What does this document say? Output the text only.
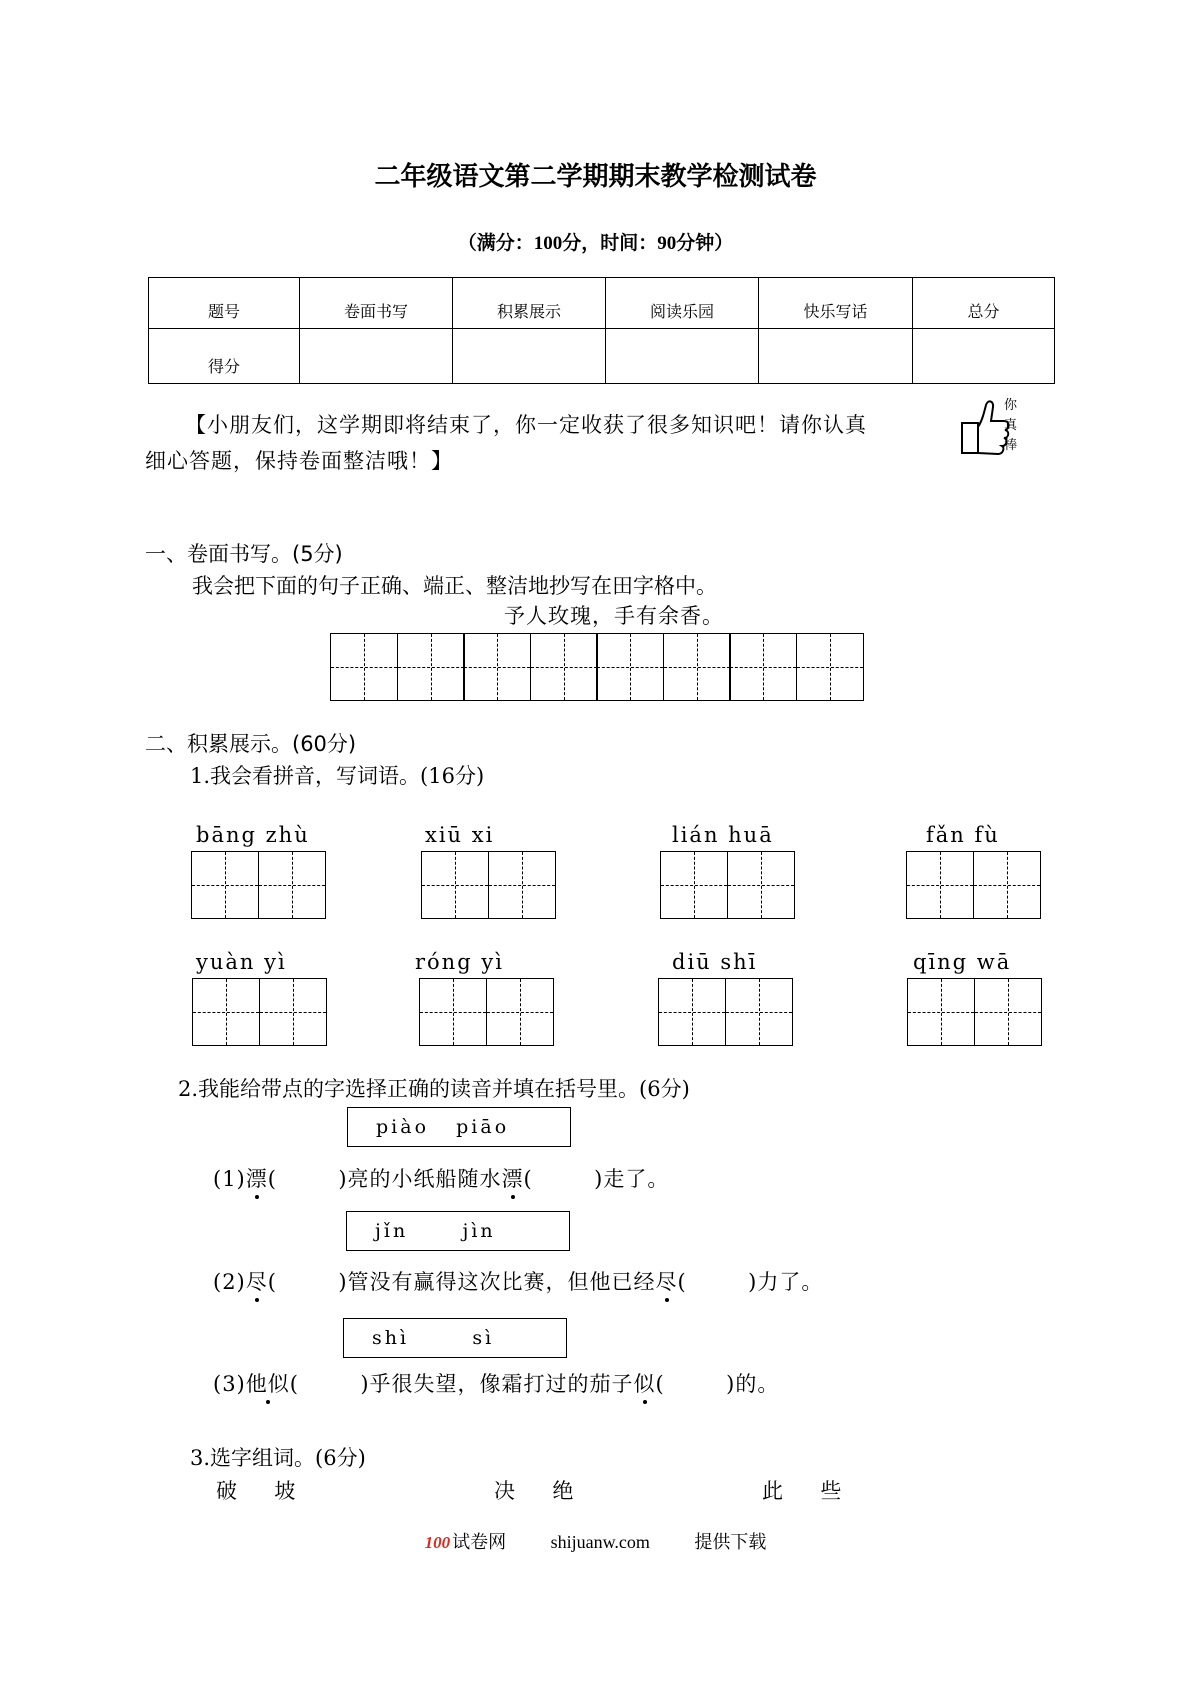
二年级语文第二学期期末教学检测试卷
（满分：100分，时间：90分钟）
题号	卷面书写	积累展示	阅读乐园	快乐写话	总分
得分					

【小朋友们，这学期即将结束了，你一定收获了很多知识吧！请你认真

细心答题，保持卷面整洁哦！】

你
真
棒
一、卷面书写。(5分)
我会把下面的句子正确、端正、整洁地抄写在田字格中。
予人玫瑰，手有余香。
二、积累展示。(60分)
1.我会看拼音，写词语。(16分)
bāng zhù	xiū xi	lián huā	fǎn fù
yuàn yì	róng yì	diū shī	qīng wā
2.我能给带点的字选择正确的读音并填在括号里。(6分)
piào   piāo
(1)漂(        )亮的小纸船随水漂(        )走了。
jǐn      jìn
(2)尽(        )管没有赢得这次比赛，但他已经尽(        )力了。
shì       sì
(3)他似(        )乎很失望，像霜打过的茄子似(        )的。
3.选字组词。(6分)
破  坡	决  绝	此  些
100 试卷网 shijuanw.com 提供下载
